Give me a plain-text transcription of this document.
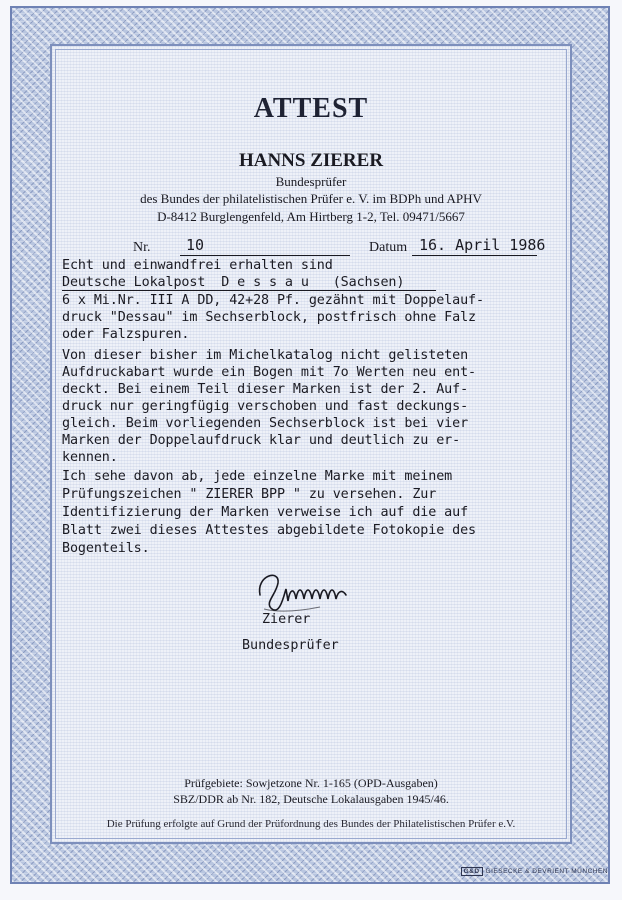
ATTEST
HANNS ZIERER
Bundesprüfer
des Bundes der philatelistischen Prüfer e. V. im BDPh und APHV
D-8412 Burglengenfeld, Am Hirtberg 1-2, Tel. 09471/5667
Nr. 10	Datum 16. April 1986
Echt und einwandfrei erhalten sind
Deutsche Lokalpost  D e s s a u   (Sachsen)
6 x Mi.Nr. III A DD, 42+28 Pf. gezähnt mit Doppelauf-
druck "Dessau" im Sechserblock, postfrisch ohne Falz
oder Falzspuren.
Von dieser bisher im Michelkatalog nicht gelisteten
Aufdruckabart wurde ein Bogen mit 7o Werten neu ent-
deckt. Bei einem Teil dieser Marken ist der 2. Auf-
druck nur geringfügig verschoben und fast deckungs-
gleich. Beim vorliegenden Sechserblock ist bei vier
Marken der Doppelaufdruck klar und deutlich zu er-
kennen.
Ich sehe davon ab, jede einzelne Marke mit meinem
Prüfungszeichen " ZIERER BPP " zu versehen. Zur
Identifizierung der Marken verweise ich auf die auf
Blatt zwei dieses Attestes abgebildete Fotokopie des
Bogenteils.
Zierer
Bundesprüfer
Prüfgebiete: Sowjetzone Nr. 1-165 (OPD-Ausgaben)
SBZ/DDR ab Nr. 182, Deutsche Lokalausgaben 1945/46.
Die Prüfung erfolgte auf Grund der Prüfordnung des Bundes der Philatelistischen Prüfer e.V.
G&D GIESECKE & DEVRIENT MÜNCHEN
